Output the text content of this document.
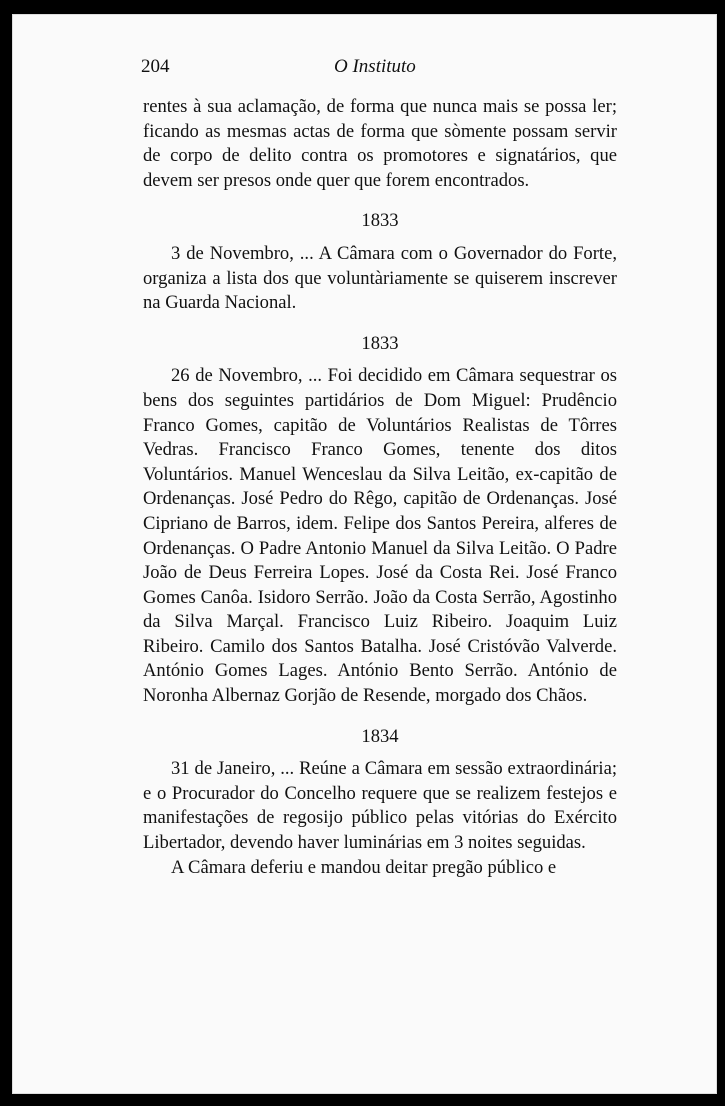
204	O Instituto

rentes à sua aclamação, de forma que nunca mais se possa ler; ficando as mesmas actas de forma que sòmente possam servir de corpo de delito contra os promotores e signatários, que devem ser presos onde quer que forem encontrados.

1833

3 de Novembro, ... A Câmara com o Governador do Forte, organiza a lista dos que voluntàriamente se quiserem inscrever na Guarda Nacional.

1833

26 de Novembro, ... Foi decidido em Câmara sequestrar os bens dos seguintes partidários de Dom Miguel: Prudêncio Franco Gomes, capitão de Voluntários Realistas de Tôrres Vedras. Francisco Franco Gomes, tenente dos ditos Voluntários. Manuel Wenceslau da Silva Leitão, ex-capitão de Ordenanças. José Pedro do Rêgo, capitão de Ordenanças. José Cipriano de Barros, idem. Felipe dos Santos Pereira, alferes de Ordenanças. O Padre Antonio Manuel da Silva Leitão. O Padre João de Deus Ferreira Lopes. José da Costa Rei. José Franco Gomes Canôa. Isidoro Serrão. João da Costa Serrão, Agostinho da Silva Marçal. Francisco Luiz Ribeiro. Joaquim Luiz Ribeiro. Camilo dos Santos Batalha. José Cristóvão Valverde. António Gomes Lages. António Bento Serrão. António de Noronha Albernaz Gorjão de Resende, morgado dos Chãos.

1834

31 de Janeiro, ... Reúne a Câmara em sessão extraordinária; e o Procurador do Concelho requere que se realizem festejos e manifestações de regosijo público pelas vitórias do Exército Libertador, devendo haver luminárias em 3 noites seguidas.

A Câmara deferiu e mandou deitar pregão público e
